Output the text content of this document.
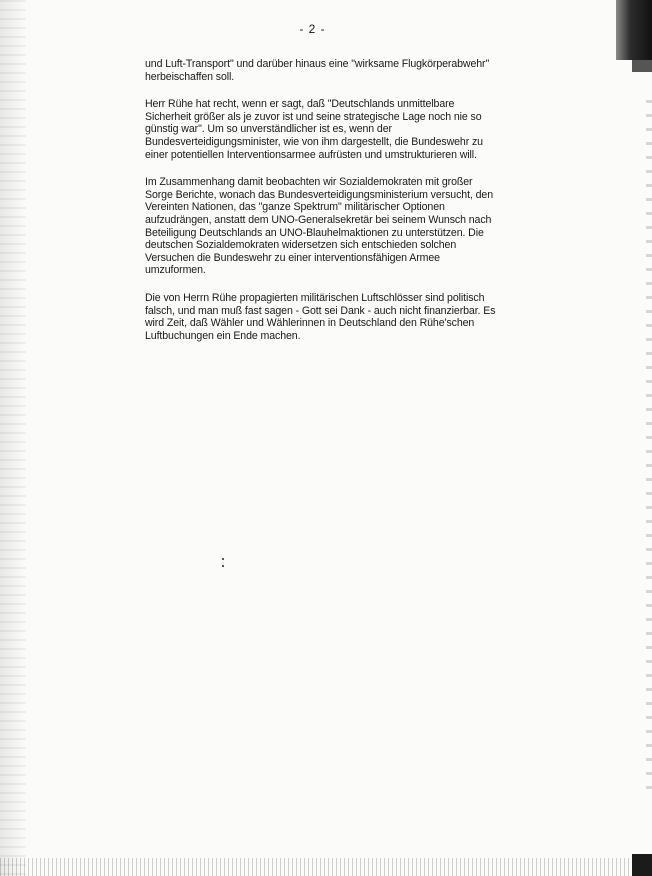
- 2 -

und Luft-Transport" und darüber hinaus eine "wirksame Flugkörperabwehr"
herbeischaffen soll.

Herr Rühe hat recht, wenn er sagt, daß "Deutschlands unmittelbare
Sicherheit größer als je zuvor ist und seine strategische Lage noch nie so
günstig war". Um so unverständlicher ist es, wenn der
Bundesverteidigungsminister, wie von ihm dargestellt, die Bundeswehr zu
einer potentiellen Interventionsarmee aufrüsten und umstrukturieren will.

Im Zusammenhang damit beobachten wir Sozialdemokraten mit großer
Sorge Berichte, wonach das Bundesverteidigungsministerium versucht, den
Vereinten Nationen, das "ganze Spektrum" militärischer Optionen
aufzudrängen, anstatt dem UNO-Generalsekretär bei seinem Wunsch nach
Beteiligung Deutschlands an UNO-Blauhelmaktionen zu unterstützen. Die
deutschen Sozialdemokraten widersetzen sich entschieden solchen
Versuchen die Bundeswehr zu einer interventionsfähigen Armee
umzuformen.

Die von Herrn Rühe propagierten militärischen Luftschlösser sind politisch
falsch, und man muß fast sagen - Gott sei Dank - auch nicht finanzierbar. Es
wird Zeit, daß Wähler und Wählerinnen in Deutschland den Rühe'schen
Luftbuchungen ein Ende machen.
